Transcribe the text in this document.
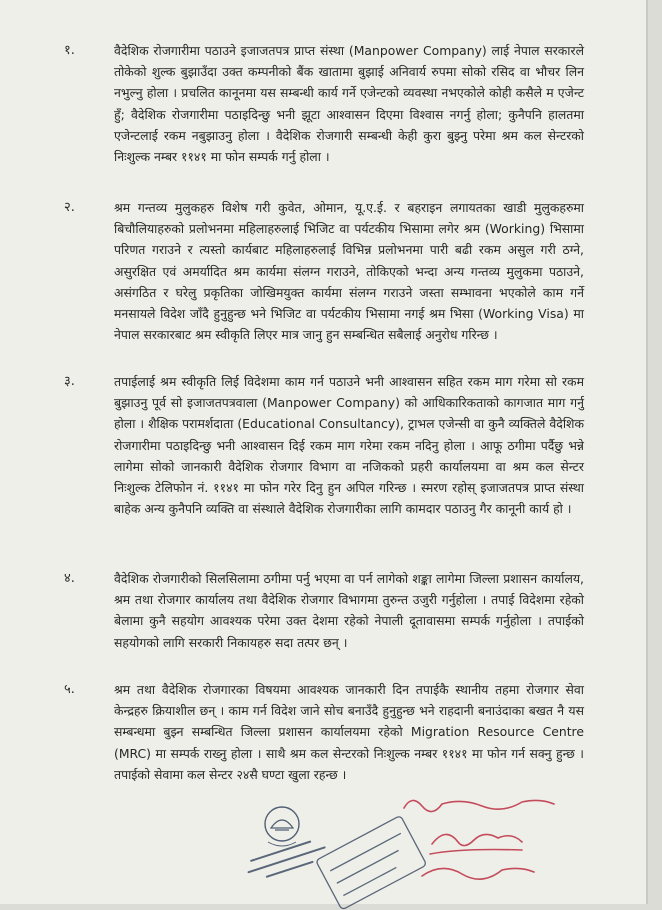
१.	वैदेशिक रोजगारीमा पठाउने इजाजतपत्र प्राप्त संस्था (Manpower Company) लाई नेपाल सरकारले तोकेको शुल्क बुझाउँदा उक्त कम्पनीको बैंक खातामा बुझाई अनिवार्य रुपमा सोको रसिद वा भौचर लिन नभुल्नु होला । प्रचलित कानूनमा यस सम्बन्धी कार्य गर्ने एजेन्टको व्यवस्था नभएकोले कोही कसैले म एजेन्ट हुँ; वैदेशिक रोजगारीमा पठाइदिन्छु भनी झूटा आश्वासन दिएमा विश्वास नगर्नु होला; कुनैपनि हालतमा एजेन्टलाई रकम नबुझाउनु होला । वैदेशिक रोजगारी सम्बन्धी केही कुरा बुझ्नु परेमा श्रम कल सेन्टरको निःशुल्क नम्बर ११४१ मा फोन सम्पर्क गर्नु होला ।
२.	श्रम गन्तव्य मुलुकहरु विशेष गरी कुवेत, ओमान, यू.ए.ई. र बहराइन लगायतका खाडी मुलुकहरुमा बिचौलियाहरुको प्रलोभनमा महिलाहरुलाई भिजिट वा पर्यटकीय भिसामा लगेर श्रम (Working) भिसामा परिणत गराउने र त्यस्तो कार्यबाट महिलाहरुलाई विभिन्न प्रलोभनमा पारी बढी रकम असुल गरी ठग्ने, असुरक्षित एवं अमर्यादित श्रम कार्यमा संलग्न गराउने, तोकिएको भन्दा अन्य गन्तव्य मुलुकमा पठाउने, असंगठित र घरेलु प्रकृतिका जोखिमयुक्त कार्यमा संलग्न गराउने जस्ता सम्भावना भएकोले काम गर्ने मनसायले विदेश जाँदै हुनुहुन्छ भने भिजिट वा पर्यटकीय भिसामा नगई श्रम भिसा (Working Visa) मा नेपाल सरकारबाट श्रम स्वीकृति लिएर मात्र जानु हुन सम्बन्धित सबैलाई अनुरोध गरिन्छ ।
३.	तपाईलाई श्रम स्वीकृति लिई विदेशमा काम गर्न पठाउने भनी आश्वासन सहित रकम माग गरेमा सो रकम बुझाउनु पूर्व सो इजाजतपत्रवाला (Manpower Company) को आधिकारिकताको कागजात माग गर्नु होला । शैक्षिक परामर्शदाता (Educational Consultancy), ट्राभल एजेन्सी वा कुनै व्यक्तिले वैदेशिक रोजगारीमा पठाइदिन्छु भनी आश्वासन दिई रकम माग गरेमा रकम नदिनु होला । आफू ठगीमा पर्दैछु भन्ने लागेमा सोको जानकारी वैदेशिक रोजगार विभाग वा नजिकको प्रहरी कार्यालयमा वा श्रम कल सेन्टर निःशुल्क टेलिफोन नं. ११४१ मा फोन गरेर दिनु हुन अपिल गरिन्छ । स्मरण रहोस् इजाजतपत्र प्राप्त संस्था बाहेक अन्य कुनैपनि व्यक्ति वा संस्थाले वैदेशिक रोजगारीका लागि कामदार पठाउनु गैर कानूनी कार्य हो ।
४.	वैदेशिक रोजगारीको सिलसिलामा ठगीमा पर्नु भएमा वा पर्न लागेको शङ्का लागेमा जिल्ला प्रशासन कार्यालय, श्रम तथा रोजगार कार्यालय तथा वैदेशिक रोजगार विभागमा तुरुन्त उजुरी गर्नुहोला । तपाई विदेशमा रहेको बेलामा कुनै सहयोग आवश्यक परेमा उक्त देशमा रहेको नेपाली दूतावासमा सम्पर्क गर्नुहोला । तपाईको सहयोगको लागि सरकारी निकायहरु सदा तत्पर छन् ।
५.	श्रम तथा वैदेशिक रोजगारका विषयमा आवश्यक जानकारी दिन तपाईकै स्थानीय तहमा रोजगार सेवा केन्द्रहरु क्रियाशील छन् । काम गर्न विदेश जाने सोच बनाउँदै हुनुहुन्छ भने राहदानी बनाउंदाका बखत नै यस सम्बन्धमा बुझ्न सम्बन्धित जिल्ला प्रशासन कार्यालयमा रहेको Migration Resource Centre (MRC) मा सम्पर्क राख्नु होला । साथै श्रम कल सेन्टरको निःशुल्क नम्बर ११४१ मा फोन गर्न सक्नु हुन्छ । तपाईको सेवामा कल सेन्टर २४सै घण्टा खुला रहन्छ ।
